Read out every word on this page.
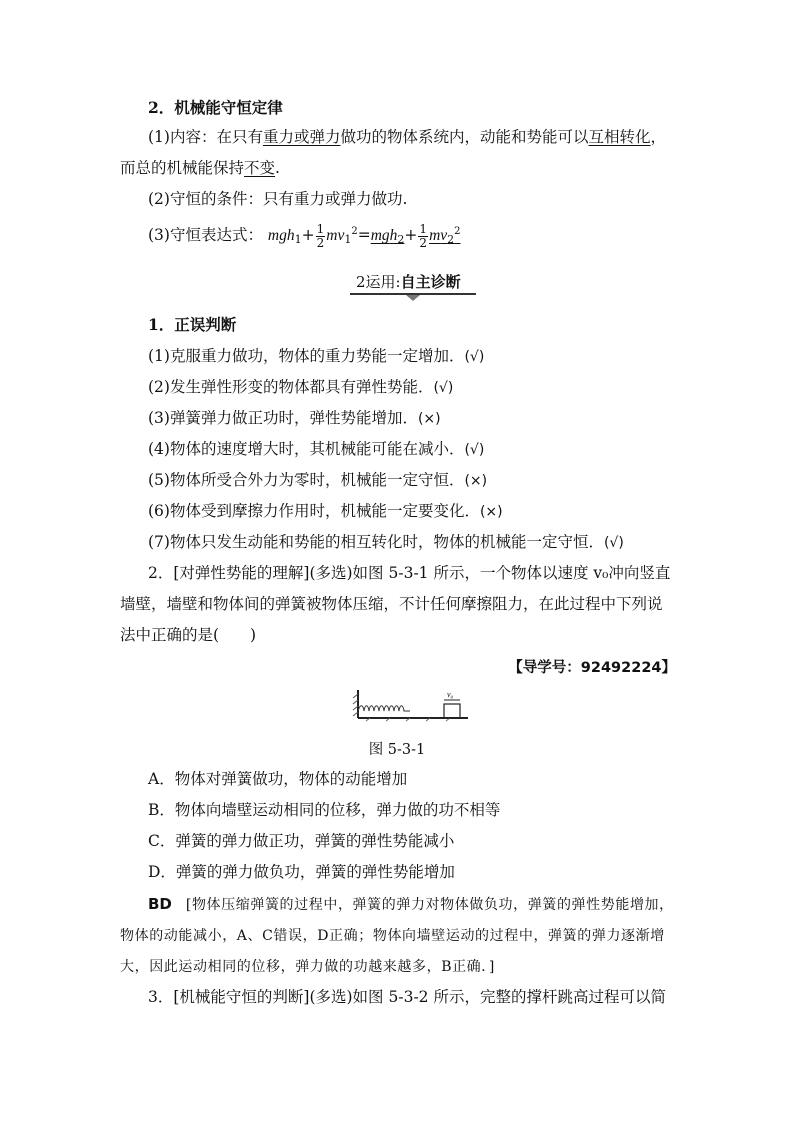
2．机械能守恒定律
(1)内容：在只有重力或弹力做功的物体系统内，动能和势能可以互相转化，
而总的机械能保持不变.
(2)守恒的条件：只有重力或弹力做功.
(3)守恒表达式： $mgh_1+ \frac{1}{2} mv_1^2=mgh_2+ \frac{1}{2} mv_2^2$
2运用:自主诊断
1．正误判断
(1)克服重力做功，物体的重力势能一定增加．(√)
(2)发生弹性形变的物体都具有弹性势能．(√)
(3)弹簧弹力做正功时，弹性势能增加．(×)
(4)物体的速度增大时，其机械能可能在减小．(√)
(5)物体所受合外力为零时，机械能一定守恒．(×)
(6)物体受到摩擦力作用时，机械能一定要变化．(×)
(7)物体只发生动能和势能的相互转化时，物体的机械能一定守恒．(√)
2．[对弹性势能的理解](多选)如图 5-3-1 所示，一个物体以速度 v₀冲向竖直
墙壁，墙壁和物体间的弹簧被物体压缩，不计任何摩擦阻力，在此过程中下列说
法中正确的是(　　)
【导学号：92492224】
v₀
图 5-3-1
A．物体对弹簧做功，物体的动能增加
B．物体向墙壁运动相同的位移，弹力做的功不相等
C．弹簧的弹力做正功，弹簧的弹性势能减小
D．弹簧的弹力做负功，弹簧的弹性势能增加
BD [物体压缩弹簧的过程中，弹簧的弹力对物体做负功，弹簧的弹性势能增加，物体的动能减小，A、C错误，D正确；物体向墙壁运动的过程中，弹簧的弹力逐渐增大，因此运动相同的位移，弹力做的功越来越多，B正确．]
3．[机械能守恒的判断](多选)如图 5-3-2 所示，完整的撑杆跳高过程可以简
